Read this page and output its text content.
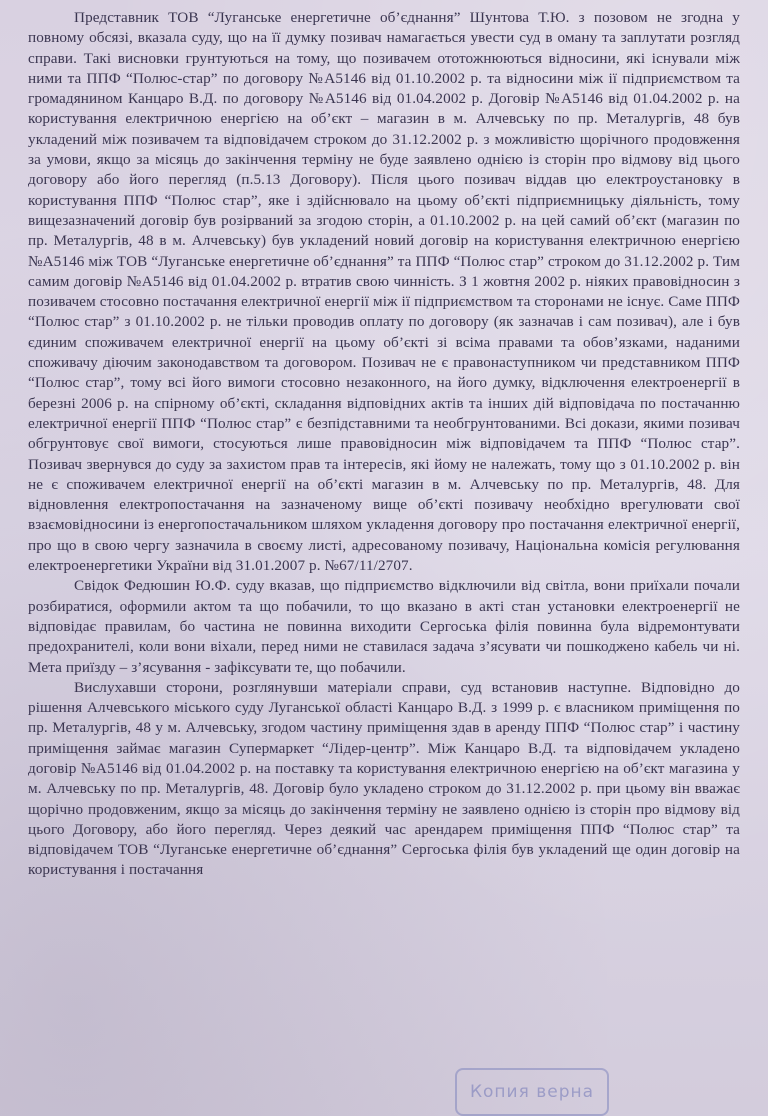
Представник ТОВ “Луганське енергетичне об’єднання” Шунтова Т.Ю. з позовом не згодна у повному обсязі, вказала суду, що на її думку позивач намагається увести суд в оману та заплутати розгляд справи. Такі висновки грунтуються на тому, що позивачем ототожнюються відносини, які існували між ними та ППФ “Полюс-стар” по договору №А5146 від 01.10.2002 р. та відносини між ії підприємством та громадянином Канцаро В.Д. по договору №А5146 від 01.04.2002 р. Договір №А5146 від 01.04.2002 р. на користування електричною енергією на об’єкт – магазин в м. Алчевську по пр. Металургів, 48 був укладений між позивачем та відповідачем строком до 31.12.2002 р. з можливістю щорічного продовження за умови, якщо за місяць до закінчення терміну не буде заявлено однією із сторін про відмову від цього договору або його перегляд (п.5.13 Договору). Після цього позивач віддав цю електроустановку в користування ППФ “Полюс стар”, яке і здійснювало на цьому об’єкті підприємницьку діяльність, тому вищезазначений договір був розірваний за згодою сторін, а 01.10.2002 р. на цей самий об’єкт (магазин по пр. Металургів, 48 в м. Алчевську) був укладений новий договір на користування електричною енергією №А5146 між ТОВ “Луганське енергетичне об’єднання” та ППФ “Полюс стар” строком до 31.12.2002 р. Тим самим договір №А5146 від 01.04.2002 р. втратив свою чинність. З 1 жовтня 2002 р. ніяких правовідносин з позивачем стосовно постачання електричної енергії між ії підприємством та сторонами не існує. Саме ППФ “Полюс стар” з 01.10.2002 р. не тільки проводив оплату по договору (як зазначав і сам позивач), але і був єдиним споживачем електричної енергії на цьому об’єкті зі всіма правами та обов’язками, наданими споживачу діючим законодавством та договором. Позивач не є правонаступником чи представником ППФ “Полюс стар”, тому всі його вимоги стосовно незаконного, на його думку, відключення електроенергії в березні 2006 р. на спірному об’єкті, складання відповідних актів та інших дій відповідача по постачанню електричної енергії ППФ “Полюс стар” є безпідставними та необгрунтованими. Всі докази, якими позивач обгрунтовує свої вимоги, стосуються лише правовідносин між відповідачем та ППФ “Полюс стар”. Позивач звернувся до суду за захистом прав та інтересів, які йому не належать, тому що з 01.10.2002 р. він не є споживачем електричної енергії на об’єкті магазин в м. Алчевську по пр. Металургів, 48. Для відновлення електропостачання на зазначеному вище об’єкті позивачу необхідно врегулювати свої взаємовідносини із енергопостачальником шляхом укладення договору про постачання електричної енергії, про що в свою чергу зазначила в своєму листі, адресованому позивачу, Національна комісія регулювання електроенергетики України від 31.01.2007 р. №67/11/2707.

Свідок Федюшин Ю.Ф. суду вказав, що підприємство відключили від світла, вони приїхали почали розбиратися, оформили актом та що побачили, то що вказано в акті стан установки електроенергії не відповідає правилам, бо частина не повинна виходити Сергоська філія повинна була відремонтувати предохранителі, коли вони віхали, перед ними не ставилася задача з’ясувати чи пошкоджено кабель чи ні. Мета приїзду – з’ясування - зафіксувати те, що побачили.

Вислухавши сторони, розглянувши матеріали справи, суд встановив наступне. Відповідно до рішення Алчевського міського суду Луганської області Канцаро В.Д. з 1999 р. є власником приміщення по пр. Металургів, 48 у м. Алчевську, згодом частину приміщення здав в аренду ППФ “Полюс стар” і частину приміщення займає магазин Супермаркет “Лідер-центр”. Між Канцаро В.Д. та відповідачем укладено договір №А5146 від 01.04.2002 р. на поставку та користування електричною енергією на об’єкт магазина у м. Алчевську по пр. Металургів, 48. Договір було укладено строком до 31.12.2002 р. при цьому він вважає щорічно продовженим, якщо за місяць до закінчення терміну не заявлено однією із сторін про відмову від цього Договору, або його перегляд. Через деякий час арендарем приміщення ППФ “Полюс стар” та відповідачем ТОВ “Луганське енергетичне об’єднання” Сергоська філія був укладений ще один договір на користування і постачання

Копия верна
